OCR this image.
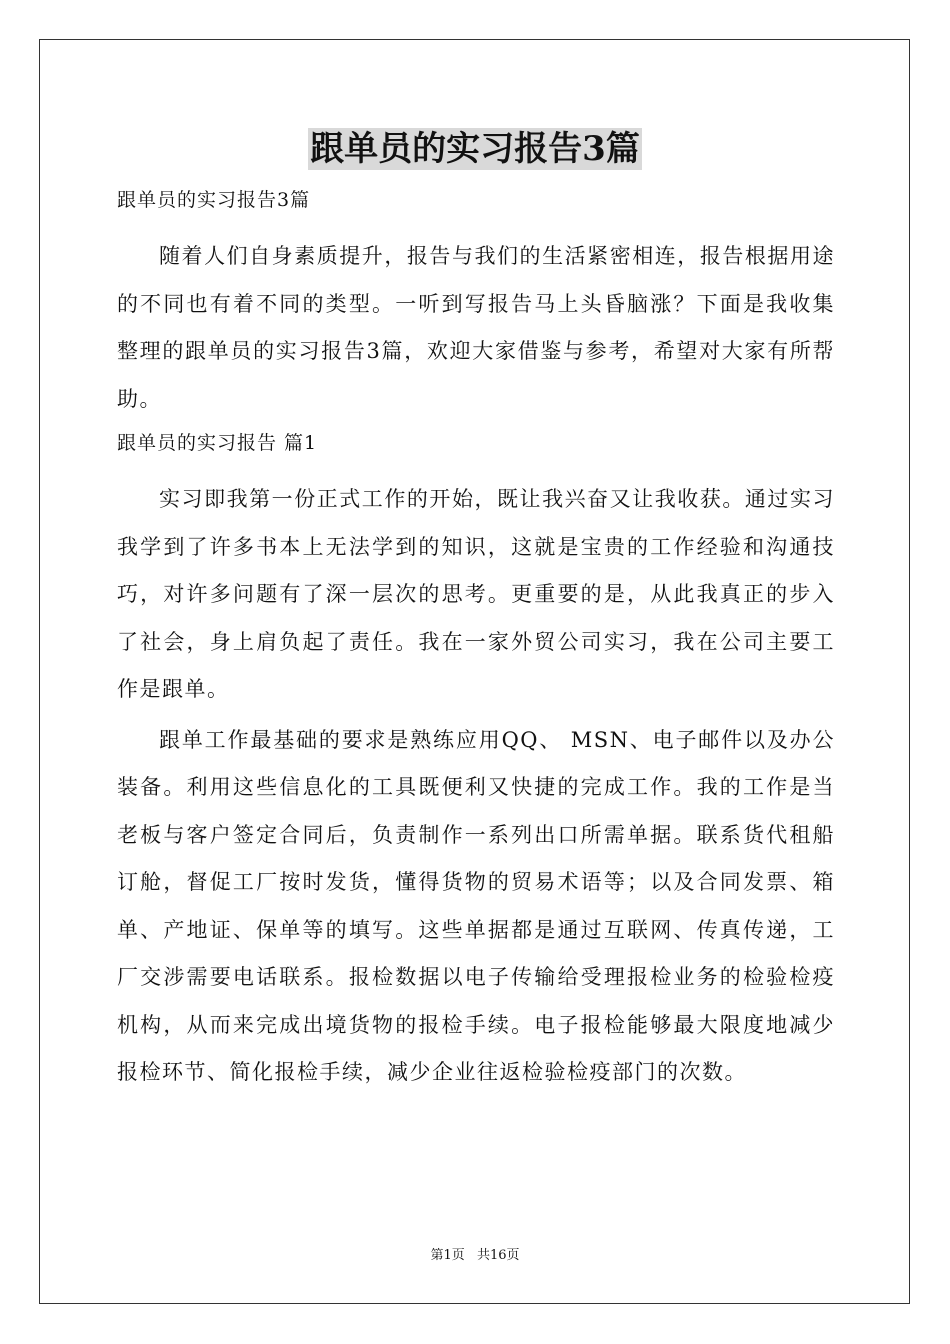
跟单员的实习报告3篇

跟单员的实习报告3篇

随着人们自身素质提升，报告与我们的生活紧密相连，报告根据用途的不同也有着不同的类型。一听到写报告马上头昏脑涨？下面是我收集整理的跟单员的实习报告3篇，欢迎大家借鉴与参考，希望对大家有所帮助。

跟单员的实习报告 篇1

实习即我第一份正式工作的开始，既让我兴奋又让我收获。通过实习我学到了许多书本上无法学到的知识，这就是宝贵的工作经验和沟通技巧，对许多问题有了深一层次的思考。更重要的是，从此我真正的步入了社会，身上肩负起了责任。我在一家外贸公司实习，我在公司主要工作是跟单。

跟单工作最基础的要求是熟练应用QQ、 MSN、电子邮件以及办公装备。利用这些信息化的工具既便利又快捷的完成工作。我的工作是当老板与客户签定合同后，负责制作一系列出口所需单据。联系货代租船订舱，督促工厂按时发货，懂得货物的贸易术语等；以及合同发票、箱单、产地证、保单等的填写。这些单据都是通过互联网、传真传递，工厂交涉需要电话联系。报检数据以电子传输给受理报检业务的检验检疫机构，从而来完成出境货物的报检手续。电子报检能够最大限度地减少报检环节、简化报检手续，减少企业往返检验检疫部门的次数。

第1页 共16页
